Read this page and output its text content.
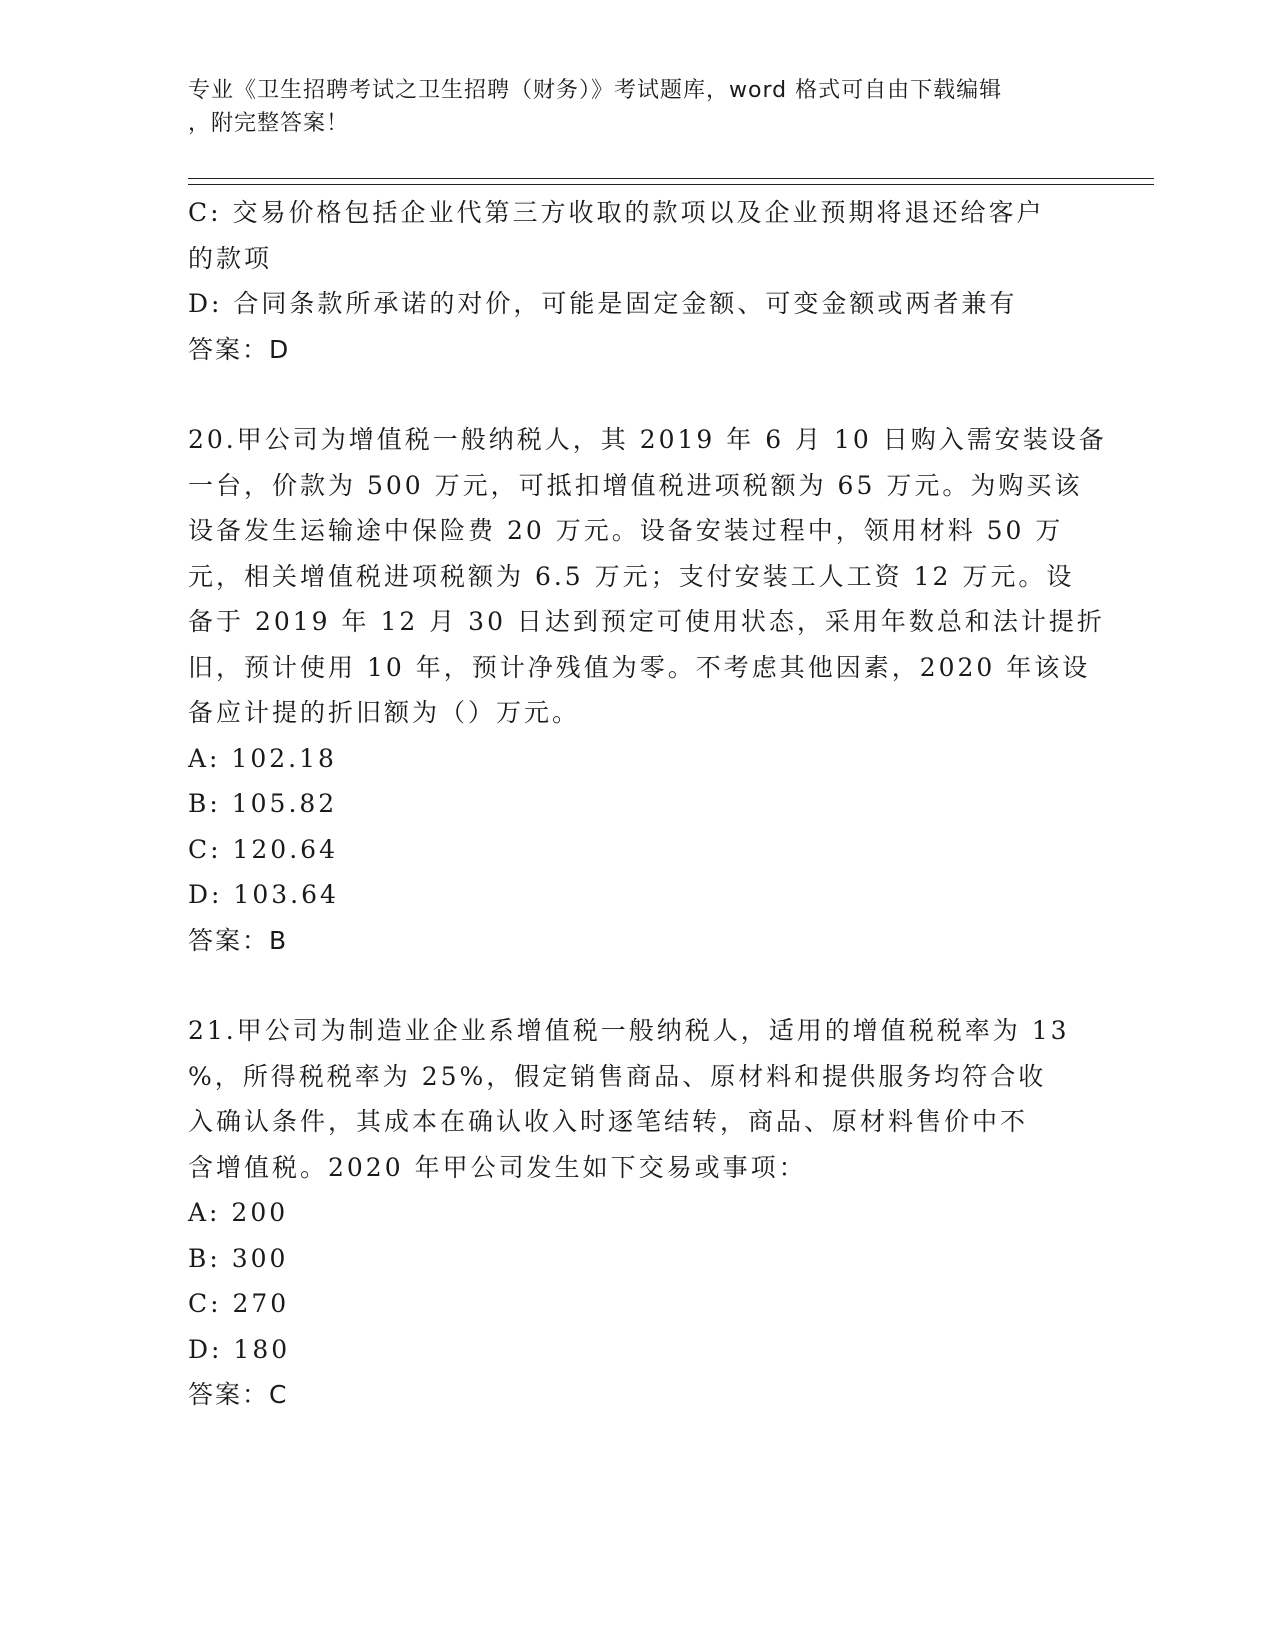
专业《卫生招聘考试之卫生招聘（财务）》考试题库，word 格式可自由下载编辑
，附完整答案！
C: 交易价格包括企业代第三方收取的款项以及企业预期将退还给客户
的款项
D: 合同条款所承诺的对价，可能是固定金额、可变金额或两者兼有
答案：D
20.甲公司为增值税一般纳税人，其 2019 年 6 月 10 日购入需安装设备
一台，价款为 500 万元，可抵扣增值税进项税额为 65 万元。为购买该
设备发生运输途中保险费 20 万元。设备安装过程中，领用材料 50 万
元，相关增值税进项税额为 6.5 万元；支付安装工人工资 12 万元。设
备于 2019 年 12 月 30 日达到预定可使用状态，采用年数总和法计提折
旧，预计使用 10 年，预计净残值为零。不考虑其他因素，2020 年该设
备应计提的折旧额为（）万元。
A: 102.18
B: 105.82
C: 120.64
D: 103.64
答案：B
21.甲公司为制造业企业系增值税一般纳税人，适用的增值税税率为 13
%，所得税税率为 25%，假定销售商品、原材料和提供服务均符合收
入确认条件，其成本在确认收入时逐笔结转，商品、原材料售价中不
含增值税。2020 年甲公司发生如下交易或事项：
A: 200
B: 300
C: 270
D: 180
答案：C
